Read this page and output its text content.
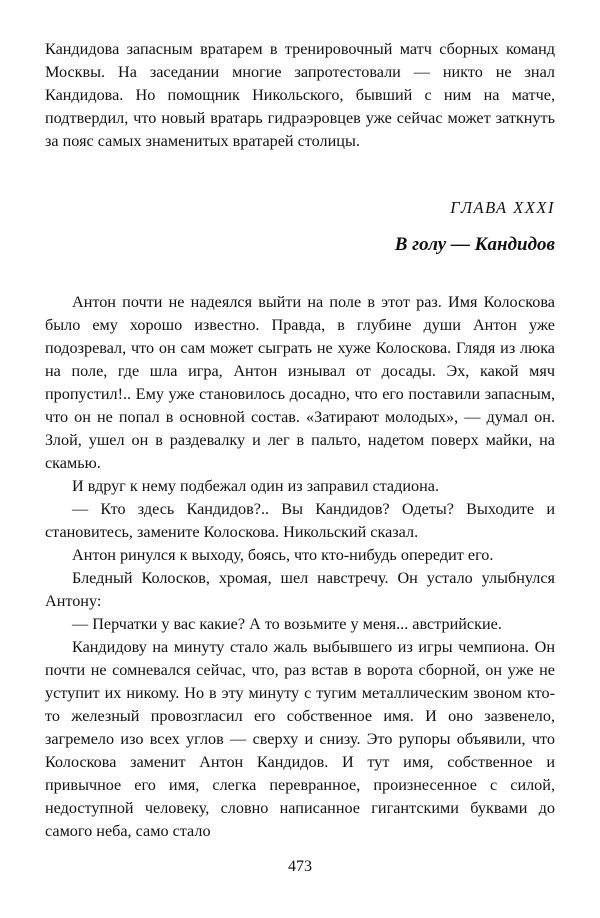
Кандидова запасным вратарем в тренировочный матч сборных команд Москвы. На заседании многие запротестовали — никто не знал Кандидова. Но помощник Никольского, бывший с ним на матче, подтвердил, что новый вратарь гидраэровцев уже сейчас может заткнуть за пояс самых знаменитых вратарей столицы.

ГЛАВА XXXI

В голу — Кандидов

Антон почти не надеялся выйти на поле в этот раз. Имя Колоскова было ему хорошо известно. Правда, в глубине души Антон уже подозревал, что он сам может сыграть не хуже Колоскова. Глядя из люка на поле, где шла игра, Антон изнывал от досады. Эх, какой мяч пропустил!.. Ему уже становилось досадно, что его поставили запасным, что он не попал в основной состав. «Затирают молодых», — думал он. Злой, ушел он в раздевалку и лег в пальто, надетом поверх майки, на скамью.

И вдруг к нему подбежал один из заправил стадиона.

— Кто здесь Кандидов?.. Вы Кандидов? Одеты? Выходите и становитесь, замените Колоскова. Никольский сказал.

Антон ринулся к выходу, боясь, что кто-нибудь опередит его.

Бледный Колосков, хромая, шел навстречу. Он устало улыбнулся Антону:

— Перчатки у вас какие? А то возьмите у меня... австрийские.

Кандидову на минуту стало жаль выбывшего из игры чемпиона. Он почти не сомневался сейчас, что, раз встав в ворота сборной, он уже не уступит их никому. Но в эту минуту с тугим металлическим звоном кто-то железный провозгласил его собственное имя. И оно зазвенело, загремело изо всех углов — сверху и снизу. Это рупоры объявили, что Колоскова заменит Антон Кандидов. И тут имя, собственное и привычное его имя, слегка перевранное, произнесенное с силой, недоступной человеку, словно написанное гигантскими буквами до самого неба, само стало

473
